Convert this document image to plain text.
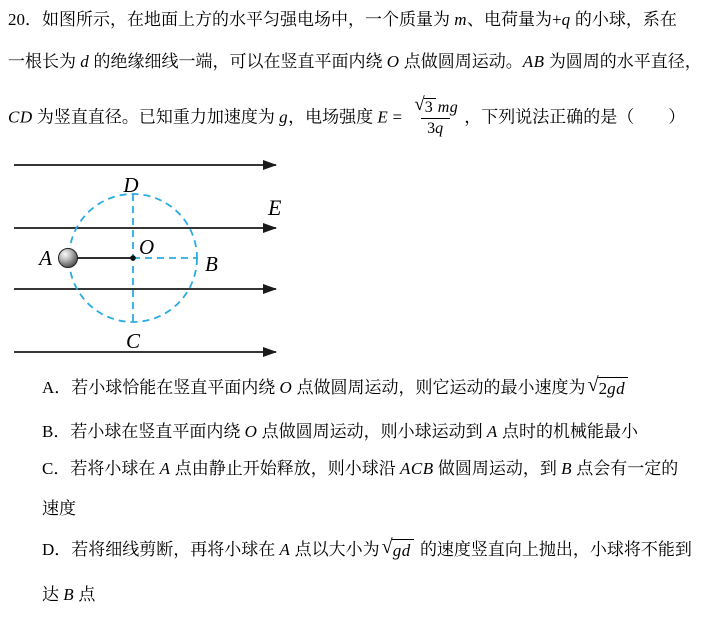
20．如图所示，在地面上方的水平匀强电场中，一个质量为 m、电荷量为+q 的小球，系在
一根长为 d 的绝缘细线一端，可以在竖直平面内绕 O 点做圆周运动。AB 为圆周的水平直径，
CD 为竖直直径。已知重力加速度为 g，电场强度 $E = \frac{√ 3 mg}{3q}$ ，下列说法正确的是（　　）
D
C
A	B
O
E
A．若小球恰能在竖直平面内绕 O 点做圆周运动，则它运动的最小速度为 √ 2gd
B．若小球在竖直平面内绕 O 点做圆周运动，则小球运动到 A 点时的机械能最小
C．若将小球在 A 点由静止开始释放，则小球沿 ACB 做圆周运动，到 B 点会有一定的
速度
D．若将细线剪断，再将小球在 A 点以大小为 √ gd 的速度竖直向上抛出，小球将不能到
达 B 点
